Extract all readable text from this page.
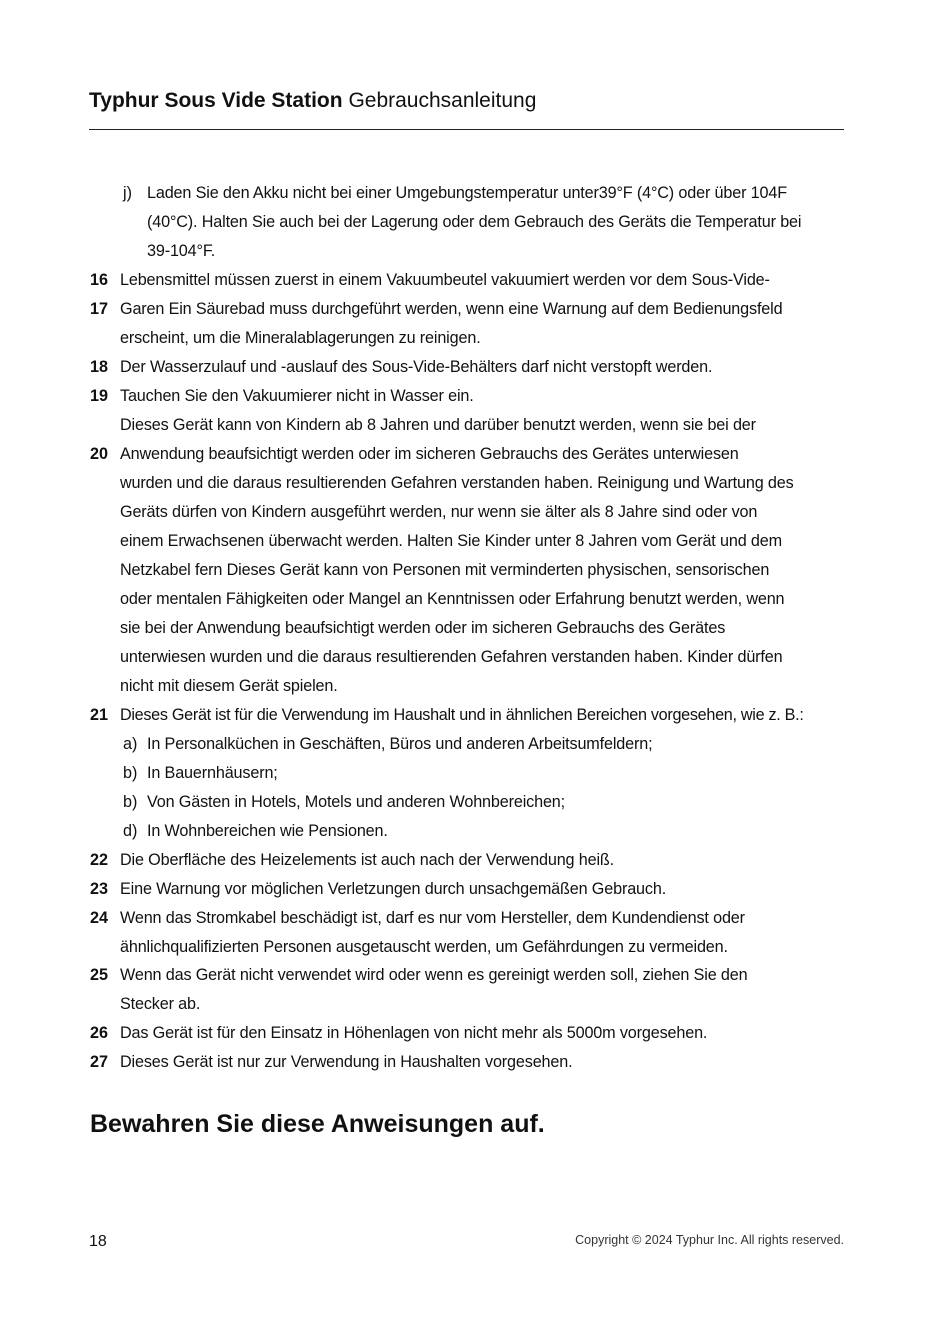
Typhur Sous Vide Station Gebrauchsanleitung
j) Laden Sie den Akku nicht bei einer Umgebungstemperatur unter39°F (4°C) oder über 104F
(40°C). Halten Sie auch bei der Lagerung oder dem Gebrauch des Geräts die Temperatur bei
39-104°F.
16 Lebensmittel müssen zuerst in einem Vakuumbeutel vakuumiert werden vor dem Sous-Vide-
17 Garen Ein Säurebad muss durchgeführt werden, wenn eine Warnung auf dem Bedienungsfeld
erscheint, um die Mineralablagerungen zu reinigen.
18 Der Wasserzulauf und -auslauf des Sous-Vide-Behälters darf nicht verstopft werden.
19 Tauchen Sie den Vakuumierer nicht in Wasser ein.
Dieses Gerät kann von Kindern ab 8 Jahren und darüber benutzt werden, wenn sie bei der
20 Anwendung beaufsichtigt werden oder im sicheren Gebrauchs des Gerätes unterwiesen
wurden und die daraus resultierenden Gefahren verstanden haben. Reinigung und Wartung des
Geräts dürfen von Kindern ausgeführt werden, nur wenn sie älter als 8 Jahre sind oder von
einem Erwachsenen überwacht werden. Halten Sie Kinder unter 8 Jahren vom Gerät und dem
Netzkabel fern Dieses Gerät kann von Personen mit verminderten physischen, sensorischen
oder mentalen Fähigkeiten oder Mangel an Kenntnissen oder Erfahrung benutzt werden, wenn
sie bei der Anwendung beaufsichtigt werden oder im sicheren Gebrauchs des Gerätes
unterwiesen wurden und die daraus resultierenden Gefahren verstanden haben. Kinder dürfen
nicht mit diesem Gerät spielen.
21 Dieses Gerät ist für die Verwendung im Haushalt und in ähnlichen Bereichen vorgesehen, wie z. B.:
a) In Personalküchen in Geschäften, Büros und anderen Arbeitsumfeldern;
b) In Bauernhäusern;
b) Von Gästen in Hotels, Motels und anderen Wohnbereichen;
d) In Wohnbereichen wie Pensionen.
22 Die Oberfläche des Heizelements ist auch nach der Verwendung heiß.
23 Eine Warnung vor möglichen Verletzungen durch unsachgemäßen Gebrauch.
24 Wenn das Stromkabel beschädigt ist, darf es nur vom Hersteller, dem Kundendienst oder
ähnlichqualifizierten Personen ausgetauscht werden, um Gefährdungen zu vermeiden.
25 Wenn das Gerät nicht verwendet wird oder wenn es gereinigt werden soll, ziehen Sie den
Stecker ab.
26 Das Gerät ist für den Einsatz in Höhenlagen von nicht mehr als 5000m vorgesehen.
27 Dieses Gerät ist nur zur Verwendung in Haushalten vorgesehen.
Bewahren Sie diese Anweisungen auf.
18	Copyright © 2024 Typhur Inc. All rights reserved.
